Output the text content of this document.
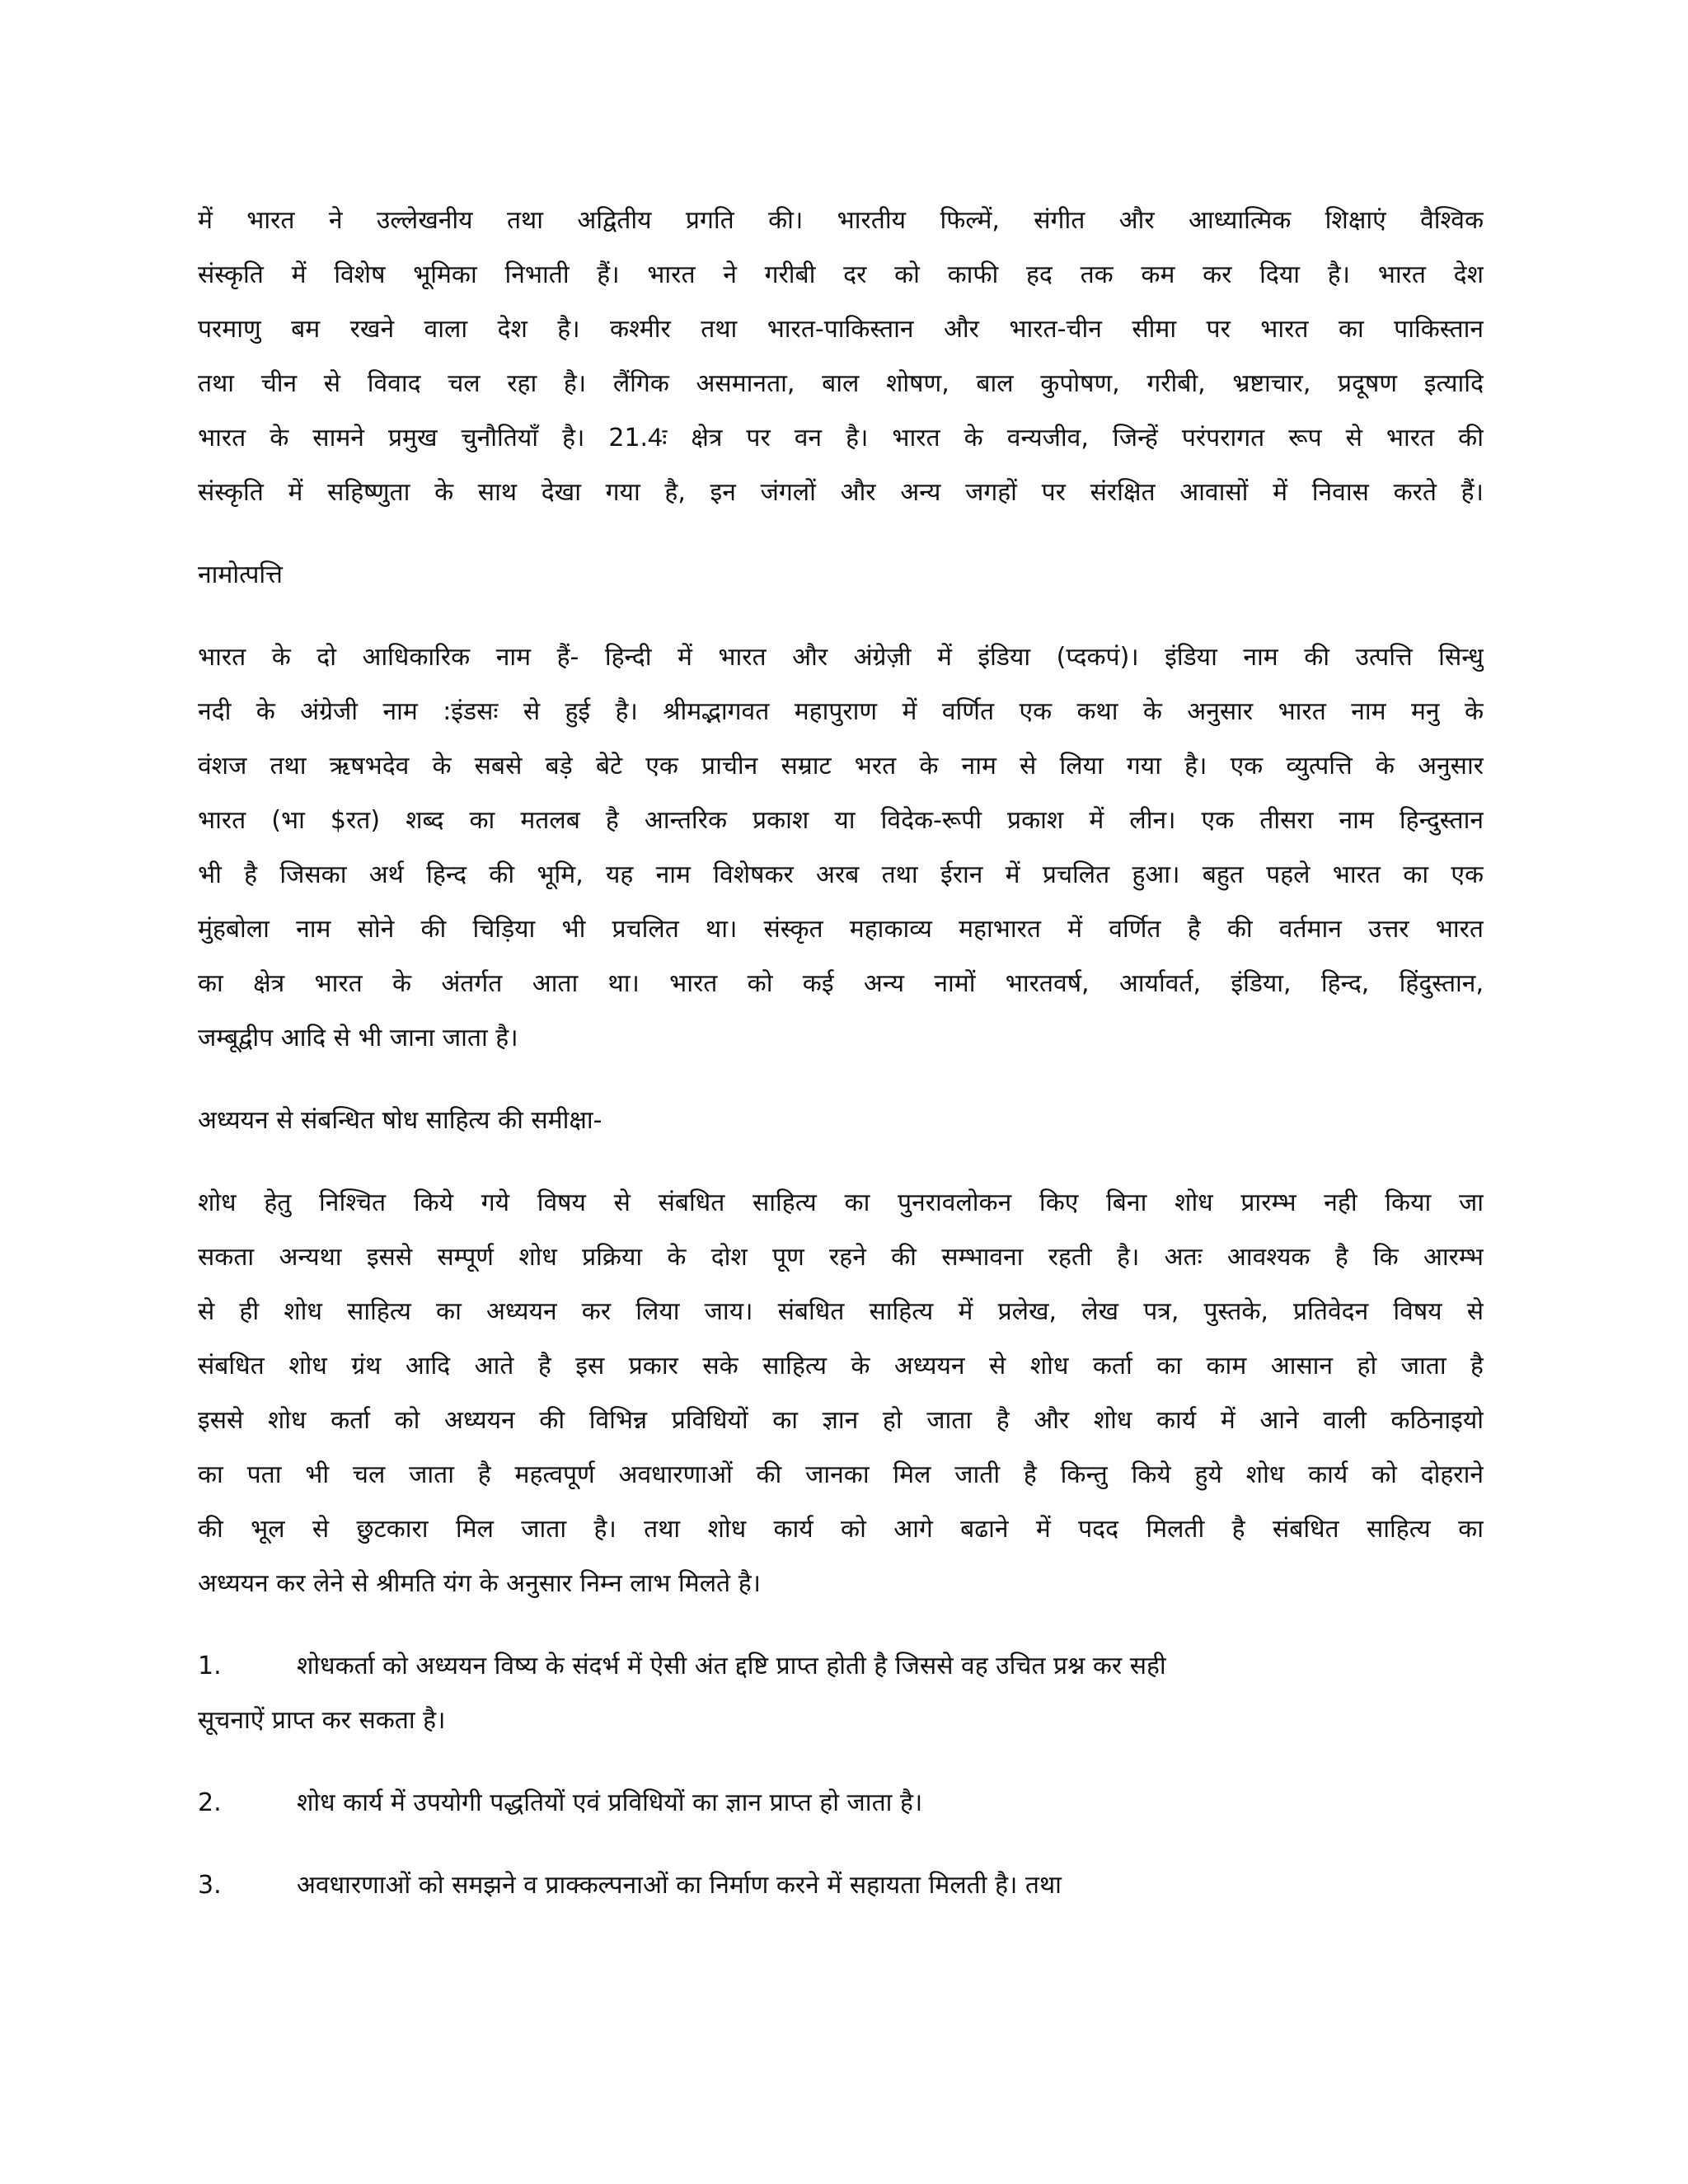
में भारत ने उल्लेखनीय तथा अद्वितीय प्रगति की। भारतीय फिल्में, संगीत और आध्यात्मिक शिक्षाएं वैश्विक
संस्कृति में विशेष भूमिका निभाती हैं। भारत ने गरीबी दर को काफी हद तक कम कर दिया है। भारत देश
परमाणु बम रखने वाला देश है। कश्मीर तथा भारत-पाकिस्तान और भारत-चीन सीमा पर भारत का पाकिस्तान
तथा चीन से विवाद चल रहा है। लैंगिक असमानता, बाल शोषण, बाल कुपोषण, गरीबी, भ्रष्टाचार, प्रदूषण इत्यादि
भारत के सामने प्रमुख चुनौतियाँ है। 21.4ः क्षेत्र पर वन है। भारत के वन्यजीव, जिन्हें परंपरागत रूप से भारत की
संस्कृति में सहिष्णुता के साथ देखा गया है, इन जंगलों और अन्य जगहों पर संरक्षित आवासों में निवास करते हैं।
नामोत्पत्ति
भारत के दो आधिकारिक नाम हैं- हिन्दी में भारत और अंग्रेज़ी में इंडिया (प्दकपं)। इंडिया नाम की उत्पत्ति सिन्धु
नदी के अंग्रेजी नाम :इंडसः से हुई है। श्रीमद्भागवत महापुराण में वर्णित एक कथा के अनुसार भारत नाम मनु के
वंशज तथा ऋषभदेव के सबसे बड़े बेटे एक प्राचीन सम्राट भरत के नाम से लिया गया है। एक व्युत्पत्ति के अनुसार
भारत (भा $रत) शब्द का मतलब है आन्तरिक प्रकाश या विदेक-रूपी प्रकाश में लीन। एक तीसरा नाम हिन्दुस्तान
भी है जिसका अर्थ हिन्द की भूमि, यह नाम विशेषकर अरब तथा ईरान में प्रचलित हुआ। बहुत पहले भारत का एक
मुंहबोला नाम सोने की चिड़िया भी प्रचलित था। संस्कृत महाकाव्य महाभारत में वर्णित है की वर्तमान उत्तर भारत
का क्षेत्र भारत के अंतर्गत आता था। भारत को कई अन्य नामों भारतवर्ष, आर्यावर्त, इंडिया, हिन्द, हिंदुस्तान,
जम्बूद्वीप आदि से भी जाना जाता है।
अध्ययन से संबन्धित षोध साहित्य की समीक्षा-
शोध हेतु निश्चित किये गये विषय से संबधित साहित्य का पुनरावलोकन किए बिना शोध प्रारम्भ नही किया जा
सकता अन्यथा इससे सम्पूर्ण शोध प्रक्रिया के दोश पूण रहने की सम्भावना रहती है। अतः आवश्यक है कि आरम्भ
से ही शोध साहित्य का अध्ययन कर लिया जाय। संबधित साहित्य में प्रलेख, लेख पत्र, पुस्तके, प्रतिवेदन विषय से
संबधित शोध ग्रंथ आदि आते है इस प्रकार सके साहित्य के अध्ययन से शोध कर्ता का काम आसान हो जाता है
इससे शोध कर्ता को अध्ययन की विभिन्न प्रविधियों का ज्ञान हो जाता है और शोध कार्य में आने वाली कठिनाइयो
का पता भी चल जाता है महत्वपूर्ण अवधारणाओं की जानका मिल जाती है किन्तु किये हुये शोध कार्य को दोहराने
की भूल से छुटकारा मिल जाता है। तथा शोध कार्य को आगे बढाने में पदद मिलती है संबधित साहित्य का
अध्ययन कर लेने से श्रीमति यंग के अनुसार निम्न लाभ मिलते है।
1.	शोधकर्ता को अध्ययन विष्य के संदर्भ में ऐसी अंत द्दष्टि प्राप्त होती है जिससे वह उचित प्रश्न कर सही
सूचनाऐं प्राप्त कर सकता है।
2.	शोध कार्य में उपयोगी पद्धतियों एवं प्रविधियों का ज्ञान प्राप्त हो जाता है।
3.	अवधारणाओं को समझने व प्राक्कल्पनाओं का निर्माण करने में सहायता मिलती है। तथा
